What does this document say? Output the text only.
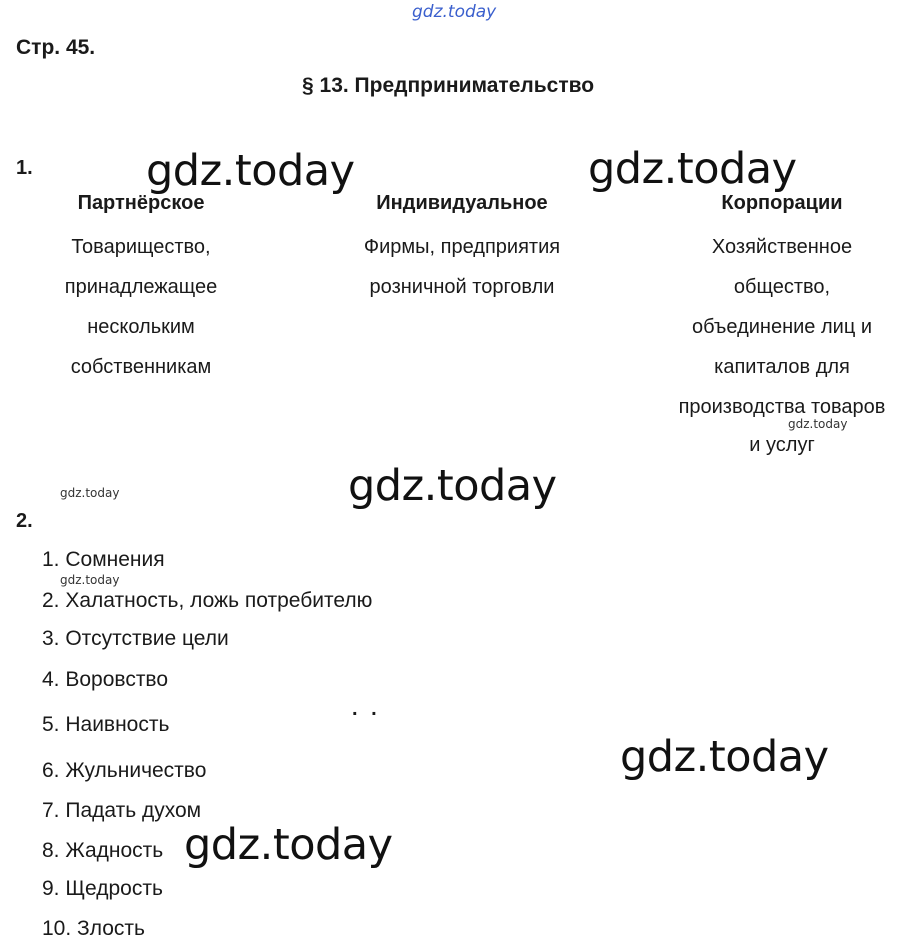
gdz.today
Стр. 45.
§ 13. Предпринимательство
1.
Партнёрское
Товарищество,
принадлежащее
нескольким
собственникам
Индивидуальное
Фирмы, предприятия
розничной торговли
Корпорации
Хозяйственное
общество,
объединение лиц и
капиталов для
производства товаров
и услуг
2.
1. Сомнения
2. Халатность, ложь потребителю
3. Отсутствие цели
4. Воровство
5. Наивность
6. Жульничество
7. Падать духом
8. Жадность
9. Щедрость
10. Злость
. .
gdz.today	gdz.today
gdz.today
gdz.today
gdz.today
gdz.today
gdz.today
gdz.today
